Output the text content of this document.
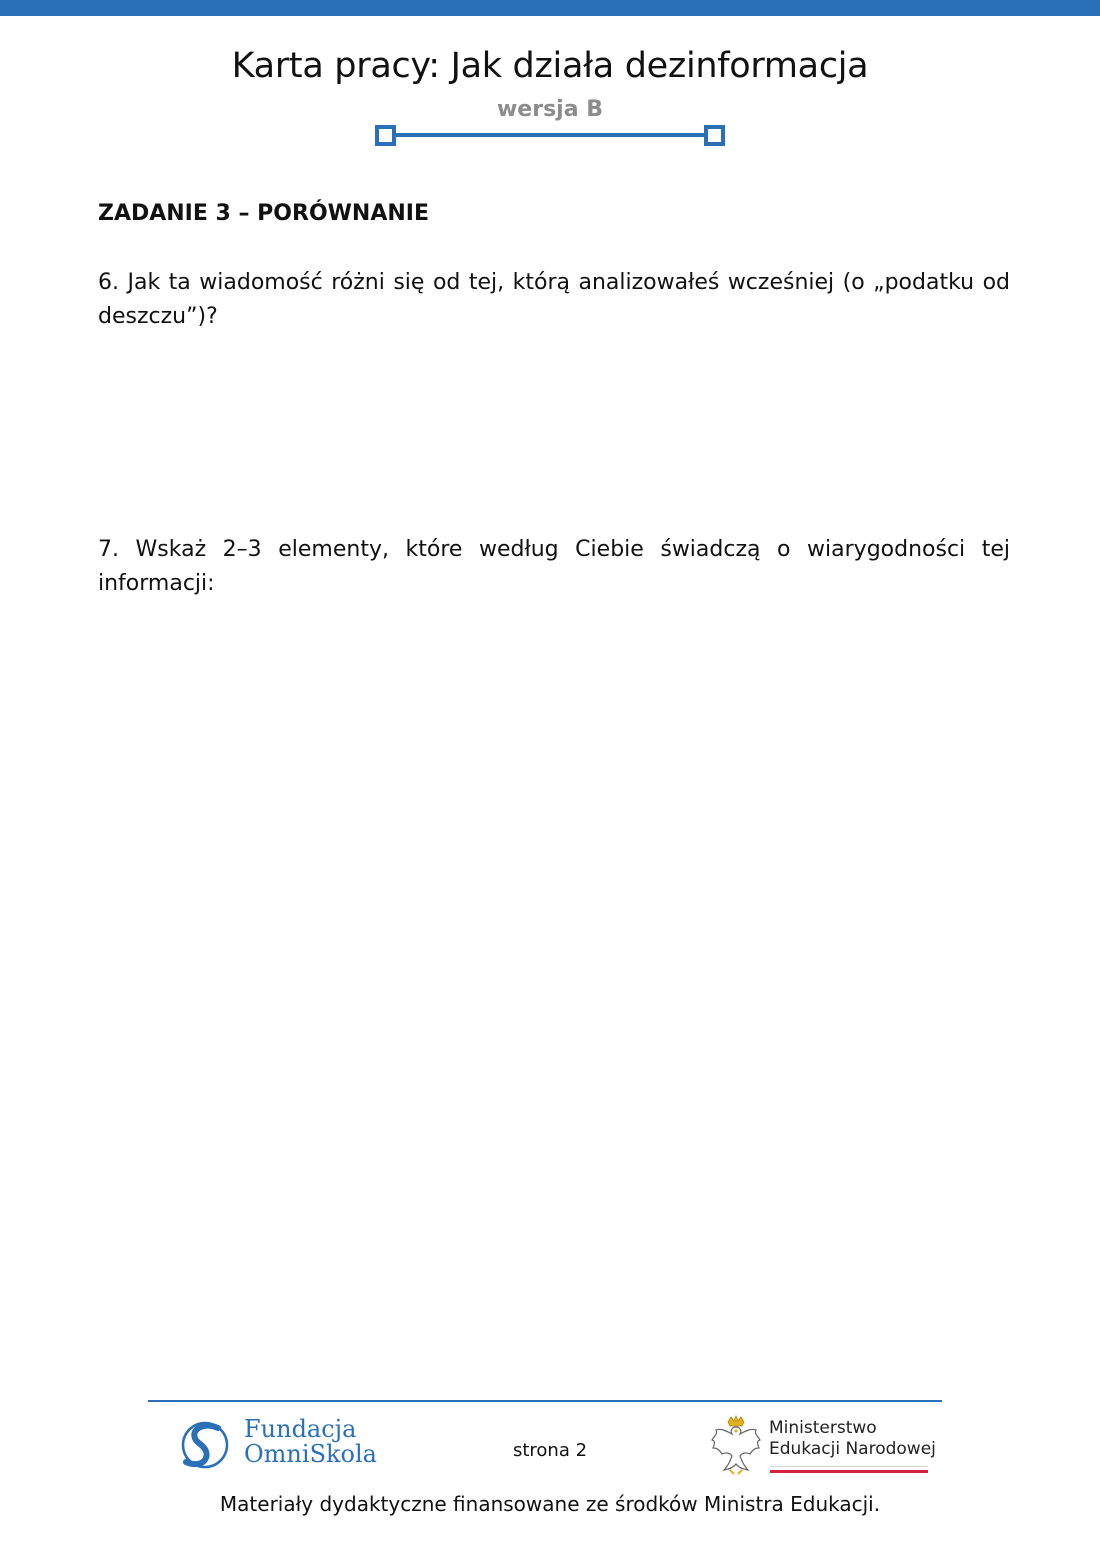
Karta pracy: Jak działa dezinformacja
wersja B
ZADANIE 3 – PORÓWNANIE
6. Jak ta wiadomość różni się od tej, którą analizowałeś wcześniej (o „podatku od deszczu”)?
7. Wskaż 2–3 elementy, które według Ciebie świadczą o wiarygodności tej informacji:
Fundacja
OmniSkola	strona 2
Ministerstwo
Edukacji Narodowej
Materiały dydaktyczne finansowane ze środków Ministra Edukacji.
